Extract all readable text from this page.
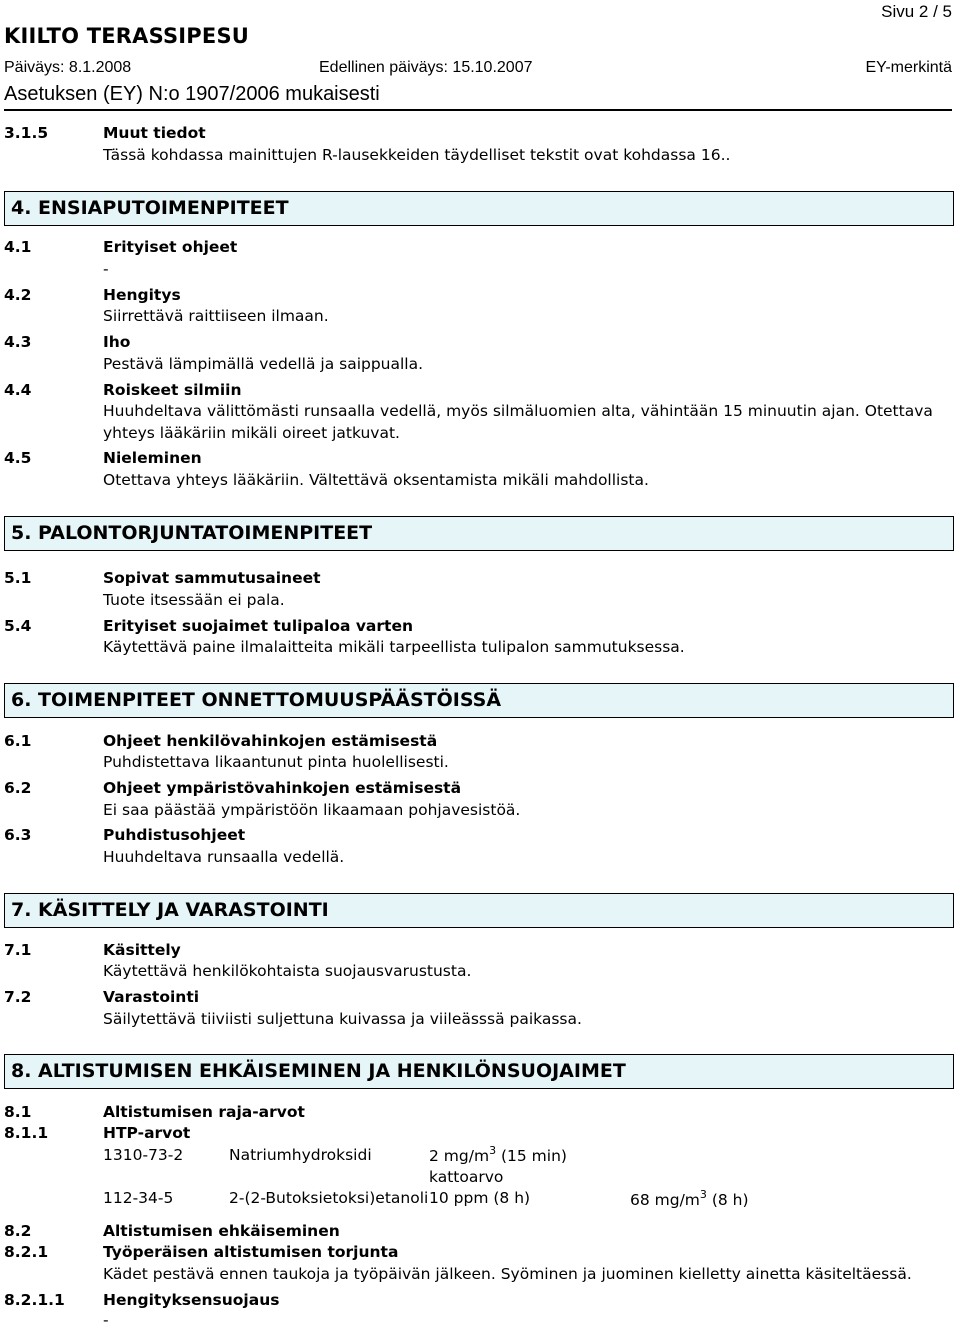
Sivu 2 / 5
KIILTO TERASSIPESU
Päiväys: 8.1.2008	Edellinen päiväys: 15.10.2007	EY-merkintä
Asetuksen (EY) N:o 1907/2006 mukaisesti
3.1.5	Muut tiedot
Tässä kohdassa mainittujen R-lausekkeiden täydelliset tekstit ovat kohdassa 16..
4. ENSIAPUTOIMENPITEET
4.1	Erityiset ohjeet
-
4.2	Hengitys
Siirrettävä raittiiseen ilmaan.
4.3	Iho
Pestävä lämpimällä vedellä ja saippualla.
4.4	Roiskeet silmiin
Huuhdeltava välittömästi runsaalla vedellä, myös silmäluomien alta, vähintään 15 minuutin ajan. Otettava
yhteys lääkäriin mikäli oireet jatkuvat.
4.5	Nieleminen
Otettava yhteys lääkäriin. Vältettävä oksentamista mikäli mahdollista.
5. PALONTORJUNTATOIMENPITEET
5.1	Sopivat sammutusaineet
Tuote itsessään ei pala.
5.4	Erityiset suojaimet tulipaloa varten
Käytettävä paine ilmalaitteita mikäli tarpeellista tulipalon sammutuksessa.
6. TOIMENPITEET ONNETTOMUUSPÄÄSTÖISSÄ
6.1	Ohjeet henkilövahinkojen estämisestä
Puhdistettava likaantunut pinta huolellisesti.
6.2	Ohjeet ympäristövahinkojen estämisestä
Ei saa päästää ympäristöön likaamaan pohjavesistöä.
6.3	Puhdistusohjeet
Huuhdeltava runsaalla vedellä.
7. KÄSITTELY JA VARASTOINTI
7.1	Käsittely
Käytettävä henkilökohtaista suojausvarustusta.
7.2	Varastointi
Säilytettävä tiiviisti suljettuna kuivassa ja viileässsä paikassa.
8. ALTISTUMISEN EHKÄISEMINEN JA HENKILÖNSUOJAIMET
8.1	Altistumisen raja-arvot
8.1.1	HTP-arvot
1310-73-2	Natriumhydroksidi	2 $mg/m^3$ (15 min)
kattoarvo
112-34-5	2-(2-Butoksietoksi)etanoli 10 ppm (8 h)	68 $mg/m^3$ (8 h)
8.2	Altistumisen ehkäiseminen
8.2.1	Työperäisen altistumisen torjunta
Kädet pestävä ennen taukoja ja työpäivän jälkeen. Syöminen ja juominen kielletty ainetta käsiteltäessä.
8.2.1.1 Hengityksensuojaus
-
